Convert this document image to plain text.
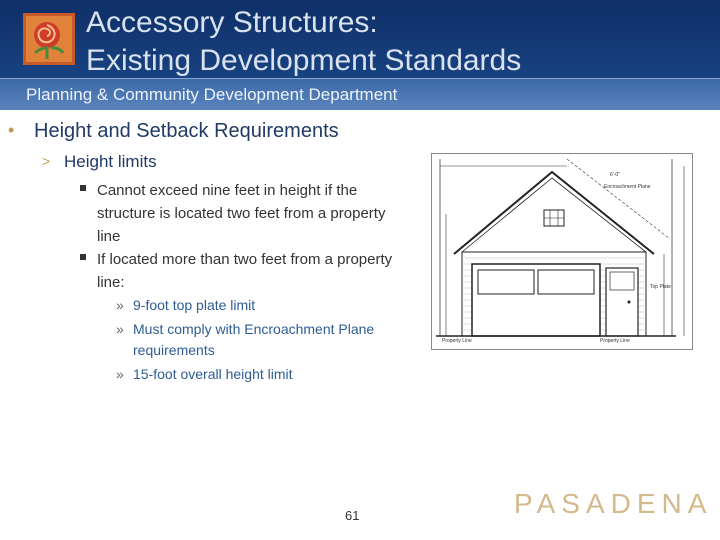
Accessory Structures:
Existing Development Standards
Planning & Community Development Department
• Height and Setback Requirements
> Height limits
Cannot exceed nine feet in height if the structure is located two feet from a property line
If located more than two feet from a property line:
» 9-foot top plate limit
» Must comply with Encroachment Plane requirements
» 15-foot overall height limit
6'-0"
Encroachment Plane
Property Line
Top Plate
Property Line
61	PASADENA
